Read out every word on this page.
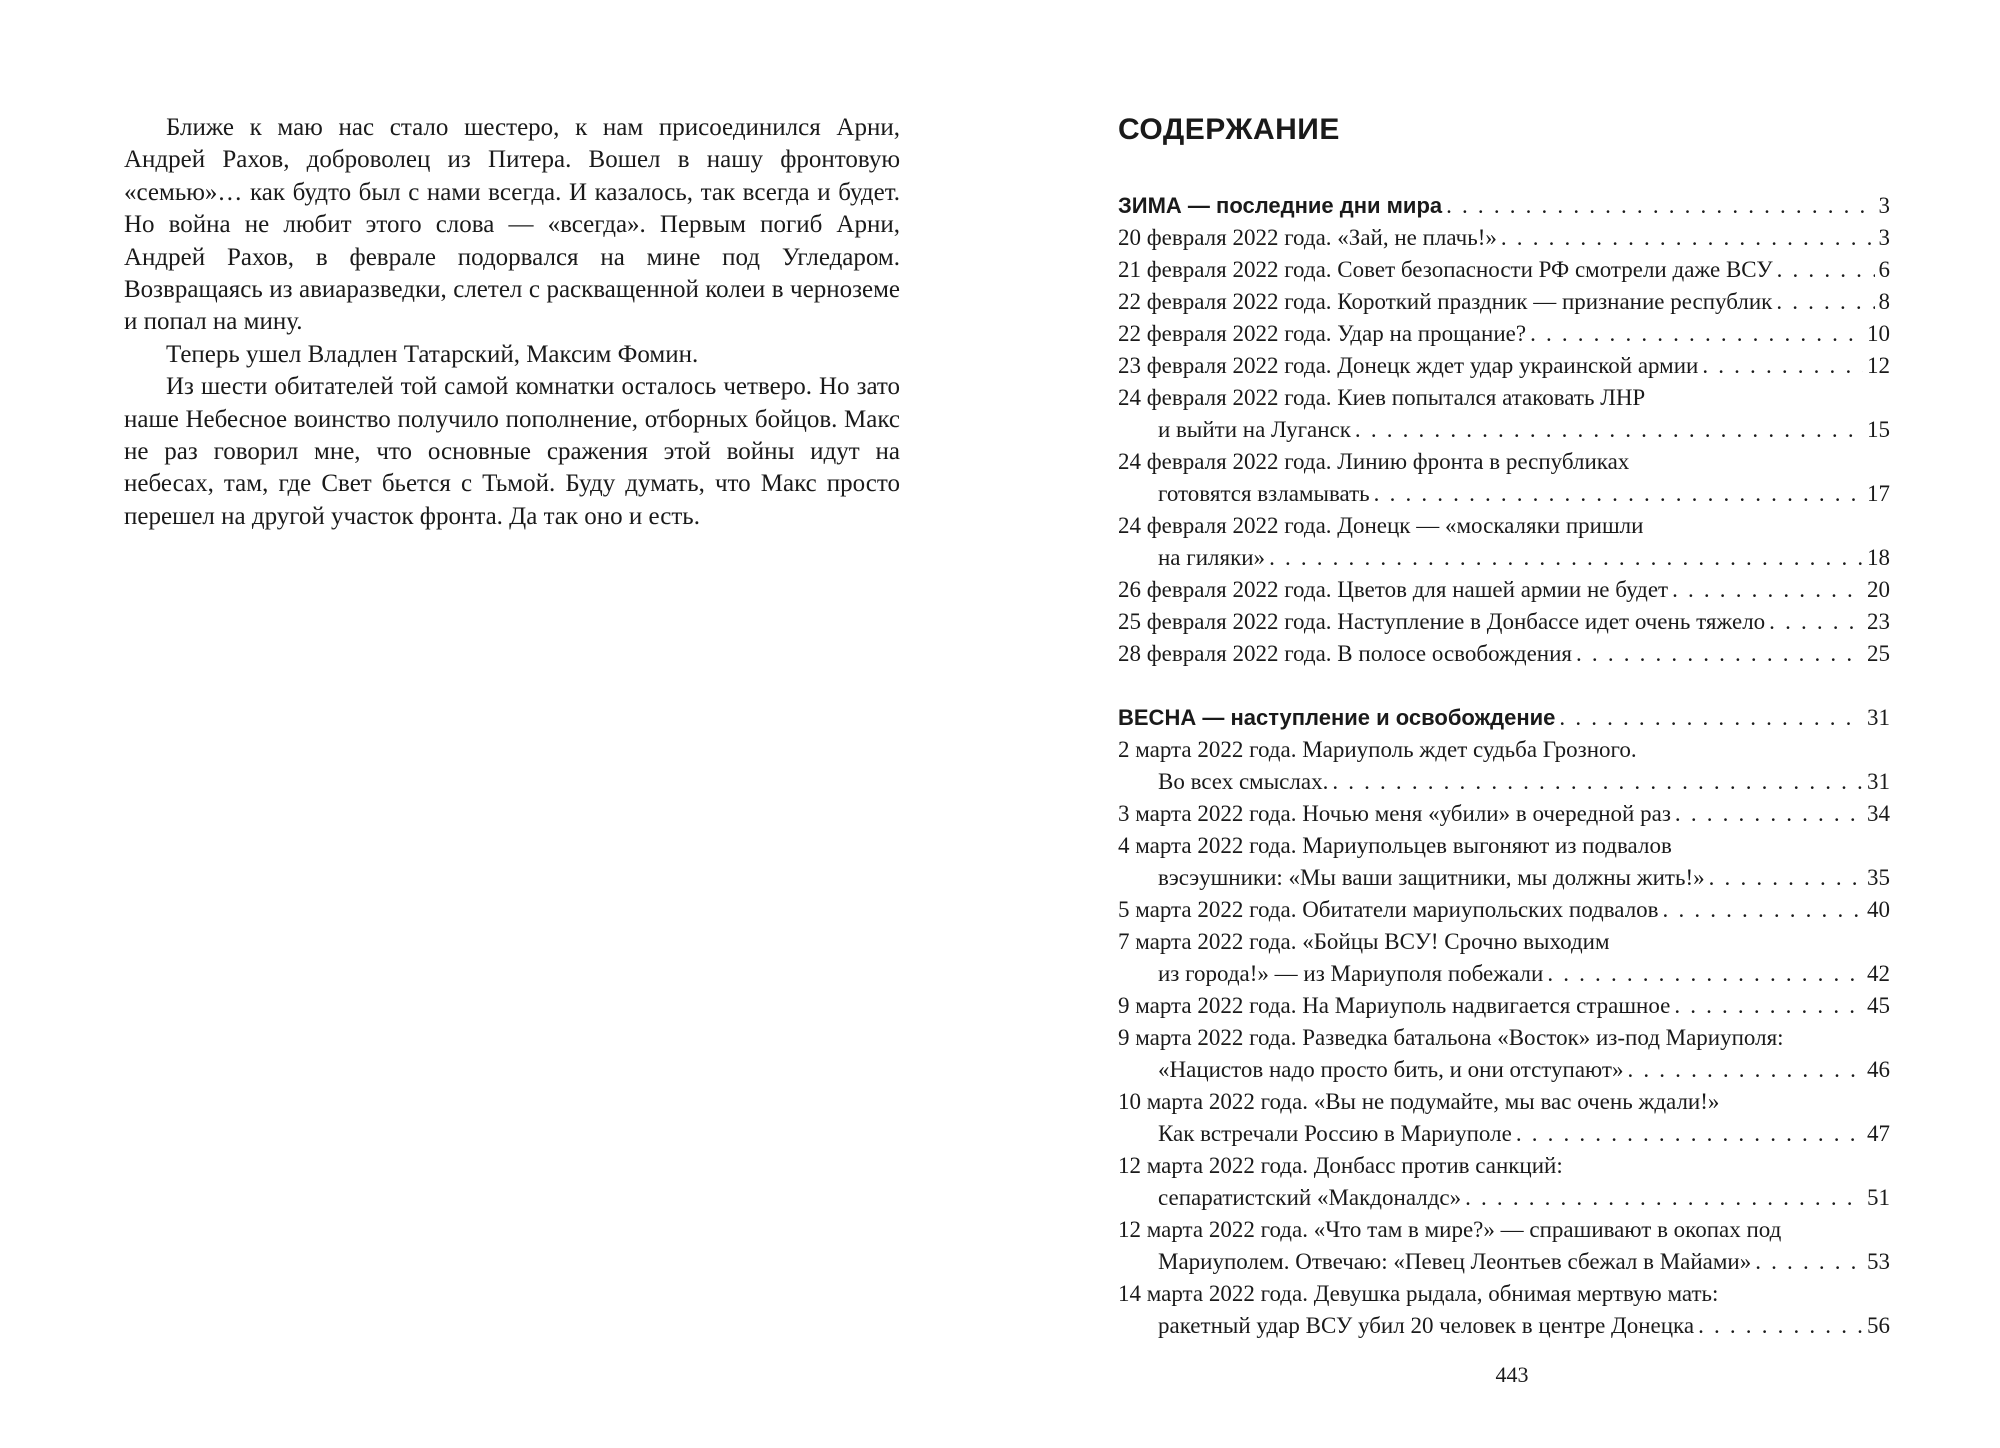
Ближе к маю нас стало шестеро, к нам присоединился Арни, Андрей Рахов, доброволец из Питера. Вошел в нашу фронтовую «семью»… как будто был с нами всегда. И казалось, так всегда и будет. Но война не любит этого слова — «всегда». Первым погиб Арни, Андрей Рахов, в феврале подорвался на мине под Угледаром. Возвращаясь из авиаразведки, слетел с раскващенной колеи в черноземе и попал на мину.

Теперь ушел Владлен Татарский, Максим Фомин.

Из шести обитателей той самой комнатки осталось четверо. Но зато наше Небесное воинство получило пополнение, отборных бойцов. Макс не раз говорил мне, что основные сражения этой войны идут на небесах, там, где Свет бьется с Тьмой. Буду думать, что Макс просто перешел на другой участок фронта. Да так оно и есть.

СОДЕРЖАНИЕ
ЗИМА — последние дни мира . . .	3
20 февраля 2022 года. «Зай, не плачь!» . . .	3
21 февраля 2022 года. Совет безопасности РФ смотрели даже ВСУ . . .	6
22 февраля 2022 года. Короткий праздник — признание республик . . .	8
22 февраля 2022 года. Удар на прощание? . . .	10
23 февраля 2022 года. Донецк ждет удар украинской армии . . .	12
24 февраля 2022 года. Киев попытался атаковать ЛНР
и выйти на Луганск . . .	15
24 февраля 2022 года. Линию фронта в республиках
готовятся взламывать . . .	17
24 февраля 2022 года. Донецк — «москаляки пришли
на гиляки» . . .	18
26 февраля 2022 года. Цветов для нашей армии не будет . . .	20
25 февраля 2022 года. Наступление в Донбассе идет очень тяжело . . .	23
28 февраля 2022 года. В полосе освобождения . . .	25
ВЕСНА — наступление и освобождение . . .	31
2 марта 2022 года. Мариуполь ждет судьба Грозного.
Во всех смыслах. . . .	31
3 марта 2022 года. Ночью меня «убили» в очередной раз . . .	34
4 марта 2022 года. Мариупольцев выгоняют из подвалов
вэсэушники: «Мы ваши защитники, мы должны жить!» . . .	35
5 марта 2022 года. Обитатели мариупольских подвалов . . .	40
7 марта 2022 года. «Бойцы ВСУ! Срочно выходим
из города!» — из Мариуполя побежали . . .	42
9 марта 2022 года. На Мариуполь надвигается страшное . . .	45
9 марта 2022 года. Разведка батальона «Восток» из-под Мариуполя:
«Нацистов надо просто бить, и они отступают» . . .	46
10 марта 2022 года. «Вы не подумайте, мы вас очень ждали!»
Как встречали Россию в Мариуполе . . .	47
12 марта 2022 года. Донбасс против санкций:
сепаратистский «Макдоналдс» . . .	51
12 марта 2022 года. «Что там в мире?» — спрашивают в окопах под
Мариуполем. Отвечаю: «Певец Леонтьев сбежал в Майами» . . .	53
14 марта 2022 года. Девушка рыдала, обнимая мертвую мать:
ракетный удар ВСУ убил 20 человек в центре Донецка . . .	56
443
